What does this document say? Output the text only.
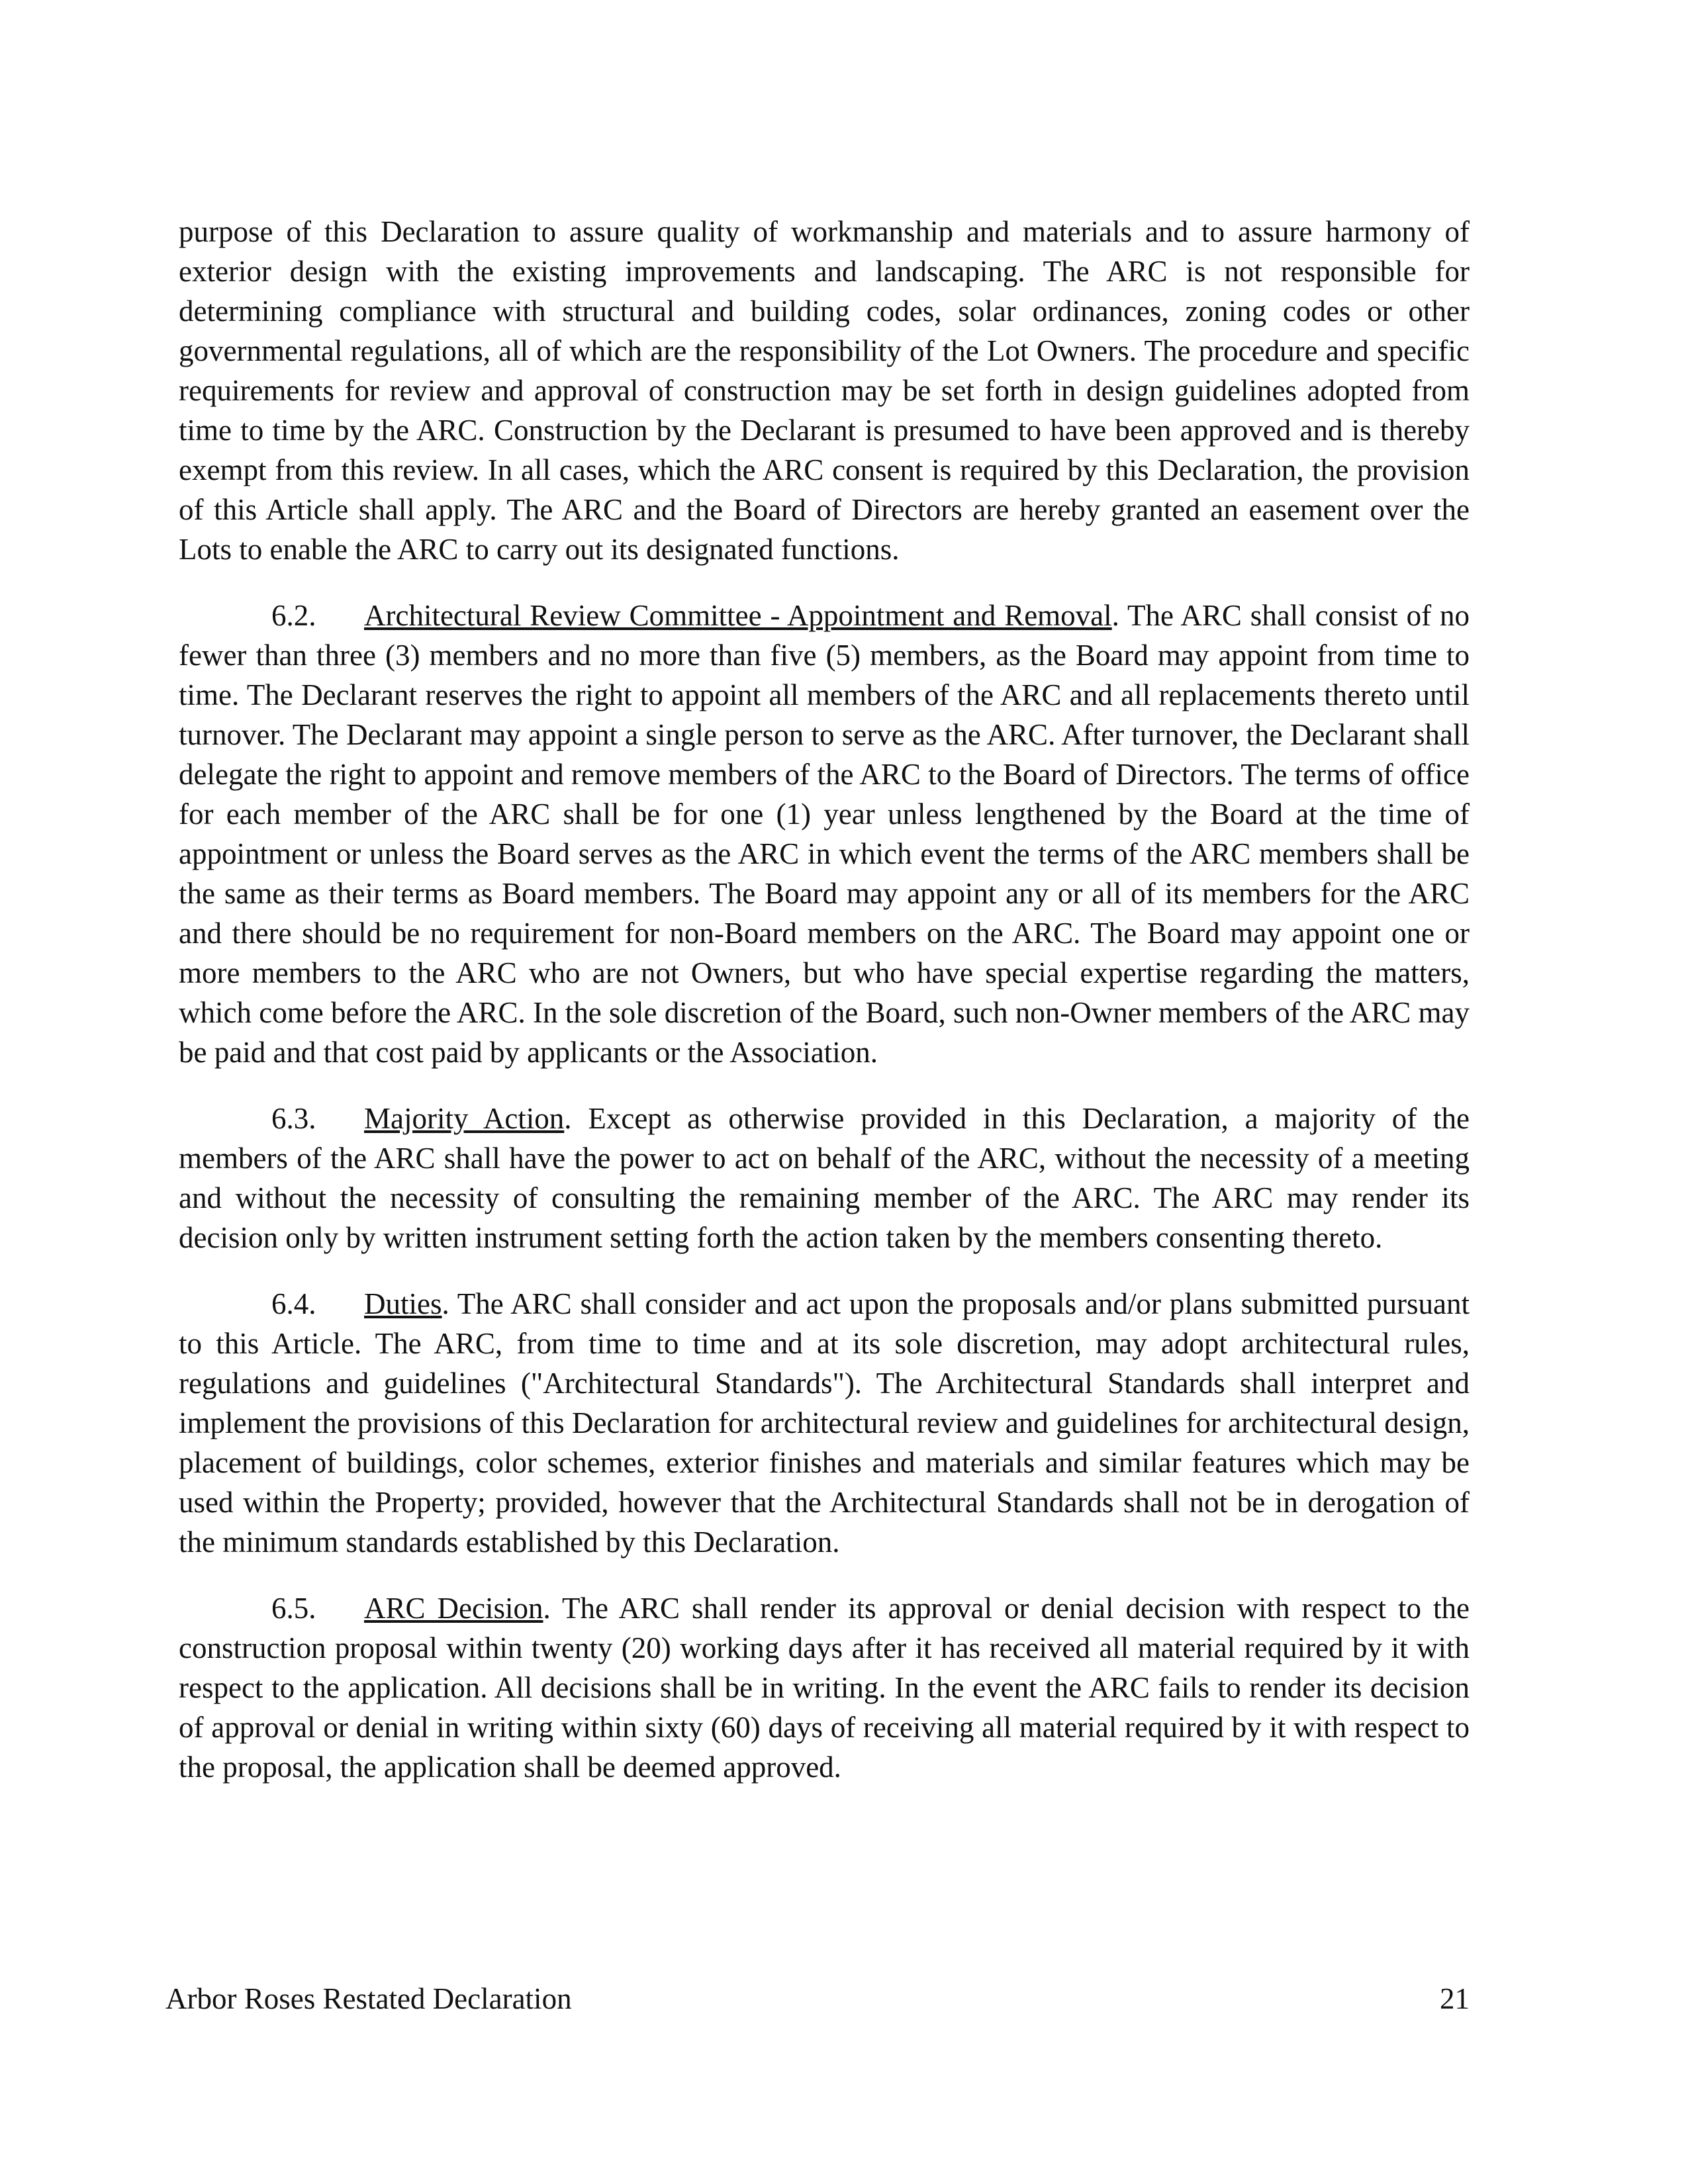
purpose of this Declaration to assure quality of workmanship and materials and to assure harmony of exterior design with the existing improvements and landscaping. The ARC is not responsible for determining compliance with structural and building codes, solar ordinances, zoning codes or other governmental regulations, all of which are the responsibility of the Lot Owners. The procedure and specific requirements for review and approval of construction may be set forth in design guidelines adopted from time to time by the ARC. Construction by the Declarant is presumed to have been approved and is thereby exempt from this review. In all cases, which the ARC consent is required by this Declaration, the provision of this Article shall apply. The ARC and the Board of Directors are hereby granted an easement over the Lots to enable the ARC to carry out its designated functions.

6.2. Architectural Review Committee - Appointment and Removal. The ARC shall consist of no fewer than three (3) members and no more than five (5) members, as the Board may appoint from time to time. The Declarant reserves the right to appoint all members of the ARC and all replacements thereto until turnover. The Declarant may appoint a single person to serve as the ARC. After turnover, the Declarant shall delegate the right to appoint and remove members of the ARC to the Board of Directors. The terms of office for each member of the ARC shall be for one (1) year unless lengthened by the Board at the time of appointment or unless the Board serves as the ARC in which event the terms of the ARC members shall be the same as their terms as Board members. The Board may appoint any or all of its members for the ARC and there should be no requirement for non-Board members on the ARC. The Board may appoint one or more members to the ARC who are not Owners, but who have special expertise regarding the matters, which come before the ARC. In the sole discretion of the Board, such non-Owner members of the ARC may be paid and that cost paid by applicants or the Association.

6.3. Majority Action. Except as otherwise provided in this Declaration, a majority of the members of the ARC shall have the power to act on behalf of the ARC, without the necessity of a meeting and without the necessity of consulting the remaining member of the ARC. The ARC may render its decision only by written instrument setting forth the action taken by the members consenting thereto.

6.4. Duties. The ARC shall consider and act upon the proposals and/or plans submitted pursuant to this Article. The ARC, from time to time and at its sole discretion, may adopt architectural rules, regulations and guidelines ("Architectural Standards"). The Architectural Standards shall interpret and implement the provisions of this Declaration for architectural review and guidelines for architectural design, placement of buildings, color schemes, exterior finishes and materials and similar features which may be used within the Property; provided, however that the Architectural Standards shall not be in derogation of the minimum standards established by this Declaration.

6.5. ARC Decision. The ARC shall render its approval or denial decision with respect to the construction proposal within twenty (20) working days after it has received all material required by it with respect to the application. All decisions shall be in writing. In the event the ARC fails to render its decision of approval or denial in writing within sixty (60) days of receiving all material required by it with respect to the proposal, the application shall be deemed approved.

Arbor Roses Restated Declaration	21
